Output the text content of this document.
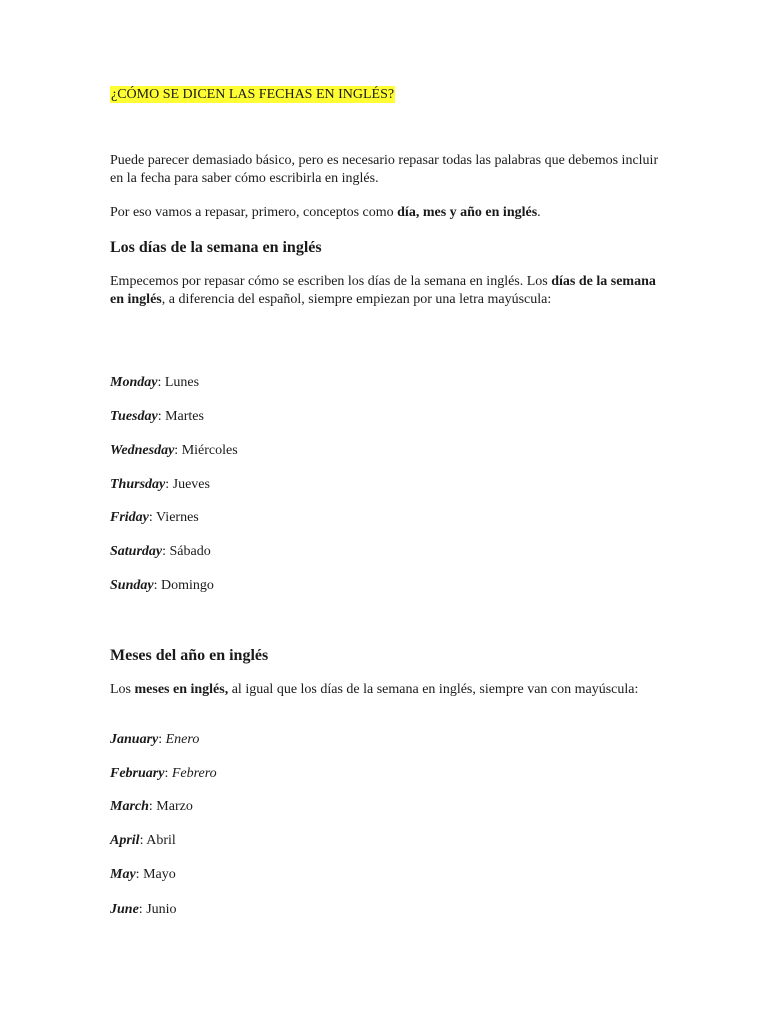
¿CÓMO SE DICEN LAS FECHAS EN INGLÉS?
Puede parecer demasiado básico, pero es necesario repasar todas las palabras que debemos incluir en la fecha para saber cómo escribirla en inglés.
Por eso vamos a repasar, primero, conceptos como día, mes y año en inglés.
Los días de la semana en inglés
Empecemos por repasar cómo se escriben los días de la semana en inglés. Los días de la semana en inglés, a diferencia del español, siempre empiezan por una letra mayúscula:
Monday: Lunes
Tuesday: Martes
Wednesday: Miércoles
Thursday: Jueves
Friday: Viernes
Saturday: Sábado
Sunday: Domingo
Meses del año en inglés
Los meses en inglés, al igual que los días de la semana en inglés, siempre van con mayúscula:
January: Enero
February: Febrero
March: Marzo
April: Abril
May: Mayo
June: Junio
